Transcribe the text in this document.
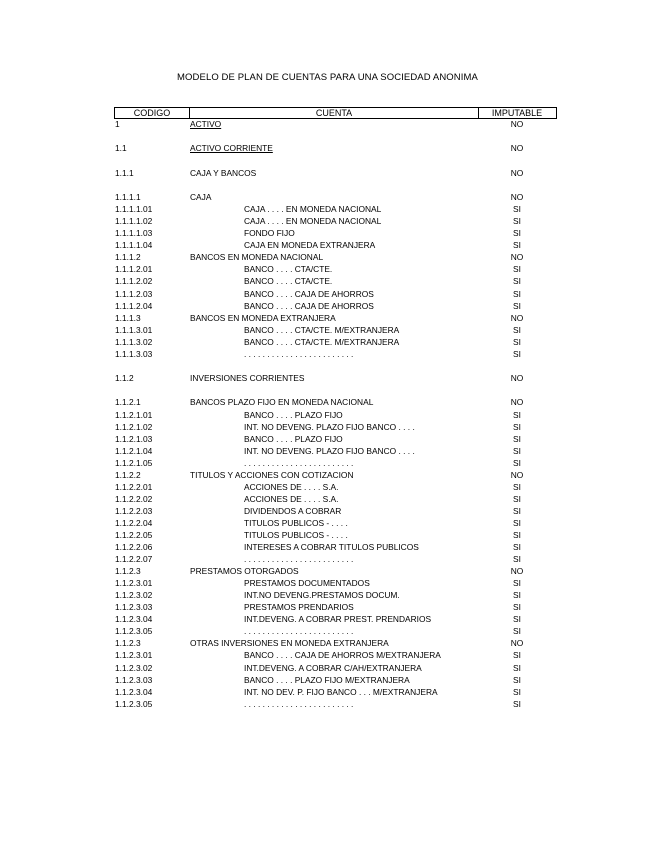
MODELO DE PLAN DE CUENTAS PARA UNA SOCIEDAD ANONIMA
CODIGO	CUENTA	IMPUTABLE
1	ACTIVO	NO
1.1	ACTIVO CORRIENTE	NO
1.1.1	CAJA Y BANCOS	NO
1.1.1.1	CAJA	NO
1.1.1.1.01	CAJA . . . . EN MONEDA NACIONAL	SI
1.1.1.1.02	CAJA . . . . EN MONEDA NACIONAL	SI
1.1.1.1.03	FONDO FIJO	SI
1.1.1.1.04	CAJA EN MONEDA EXTRANJERA	SI
1.1.1.2	BANCOS EN MONEDA NACIONAL	NO
1.1.1.2.01	BANCO . . . . CTA/CTE.	SI
1.1.1.2.02	BANCO . . . . CTA/CTE.	SI
1.1.1.2.03	BANCO . . . . CAJA DE AHORROS	SI
1.1.1.2.04	BANCO . . . . CAJA DE AHORROS	SI
1.1.1.3	BANCOS EN MONEDA EXTRANJERA	NO
1.1.1.3.01	BANCO . . . . CTA/CTE. M/EXTRANJERA	SI
1.1.1.3.02	BANCO . . . . CTA/CTE. M/EXTRANJERA	SI
1.1.1.3.03	. . . . . . . . . . . . . . . . . . . . . . . .	SI
1.1.2	INVERSIONES CORRIENTES	NO
1.1.2.1	BANCOS PLAZO FIJO EN MONEDA NACIONAL	NO
1.1.2.1.01	BANCO . . . . PLAZO FIJO	SI
1.1.2.1.02	INT. NO DEVENG. PLAZO FIJO BANCO . . . .	SI
1.1.2.1.03	BANCO . . . . PLAZO FIJO	SI
1.1.2.1.04	INT. NO DEVENG. PLAZO FIJO BANCO . . . .	SI
1.1.2.1.05	. . . . . . . . . . . . . . . . . . . . . . . .	SI
1.1.2.2	TITULOS Y ACCIONES CON COTIZACION	NO
1.1.2.2.01	ACCIONES DE . . . . S.A.	SI
1.1.2.2.02	ACCIONES DE . . . . S.A.	SI
1.1.2.2.03	DIVIDENDOS A COBRAR	SI
1.1.2.2.04	TITULOS PUBLICOS - . . . .	SI
1.1.2.2.05	TITULOS PUBLICOS - . . . .	SI
1.1.2.2.06	INTERESES A COBRAR TITULOS PUBLICOS	SI
1.1.2.2.07	. . . . . . . . . . . . . . . . . . . . . . . .	SI
1.1.2.3	PRESTAMOS OTORGADOS	NO
1.1.2.3.01	PRESTAMOS DOCUMENTADOS	SI
1.1.2.3.02	INT.NO DEVENG.PRESTAMOS DOCUM.	SI
1.1.2.3.03	PRESTAMOS PRENDARIOS	SI
1.1.2.3.04	INT.DEVENG. A COBRAR PREST. PRENDARIOS	SI
1.1.2.3.05	. . . . . . . . . . . . . . . . . . . . . . . .	SI
1.1.2.3	OTRAS INVERSIONES EN MONEDA EXTRANJERA	NO
1.1.2.3.01	BANCO . . . . CAJA DE AHORROS M/EXTRANJERA	SI
1.1.2.3.02	INT.DEVENG. A COBRAR C/AH/EXTRANJERA	SI
1.1.2.3.03	BANCO . . . . PLAZO FIJO M/EXTRANJERA	SI
1.1.2.3.04	INT. NO DEV. P. FIJO BANCO . . . M/EXTRANJERA	SI
1.1.2.3.05	. . . . . . . . . . . . . . . . . . . . . . . .	SI
